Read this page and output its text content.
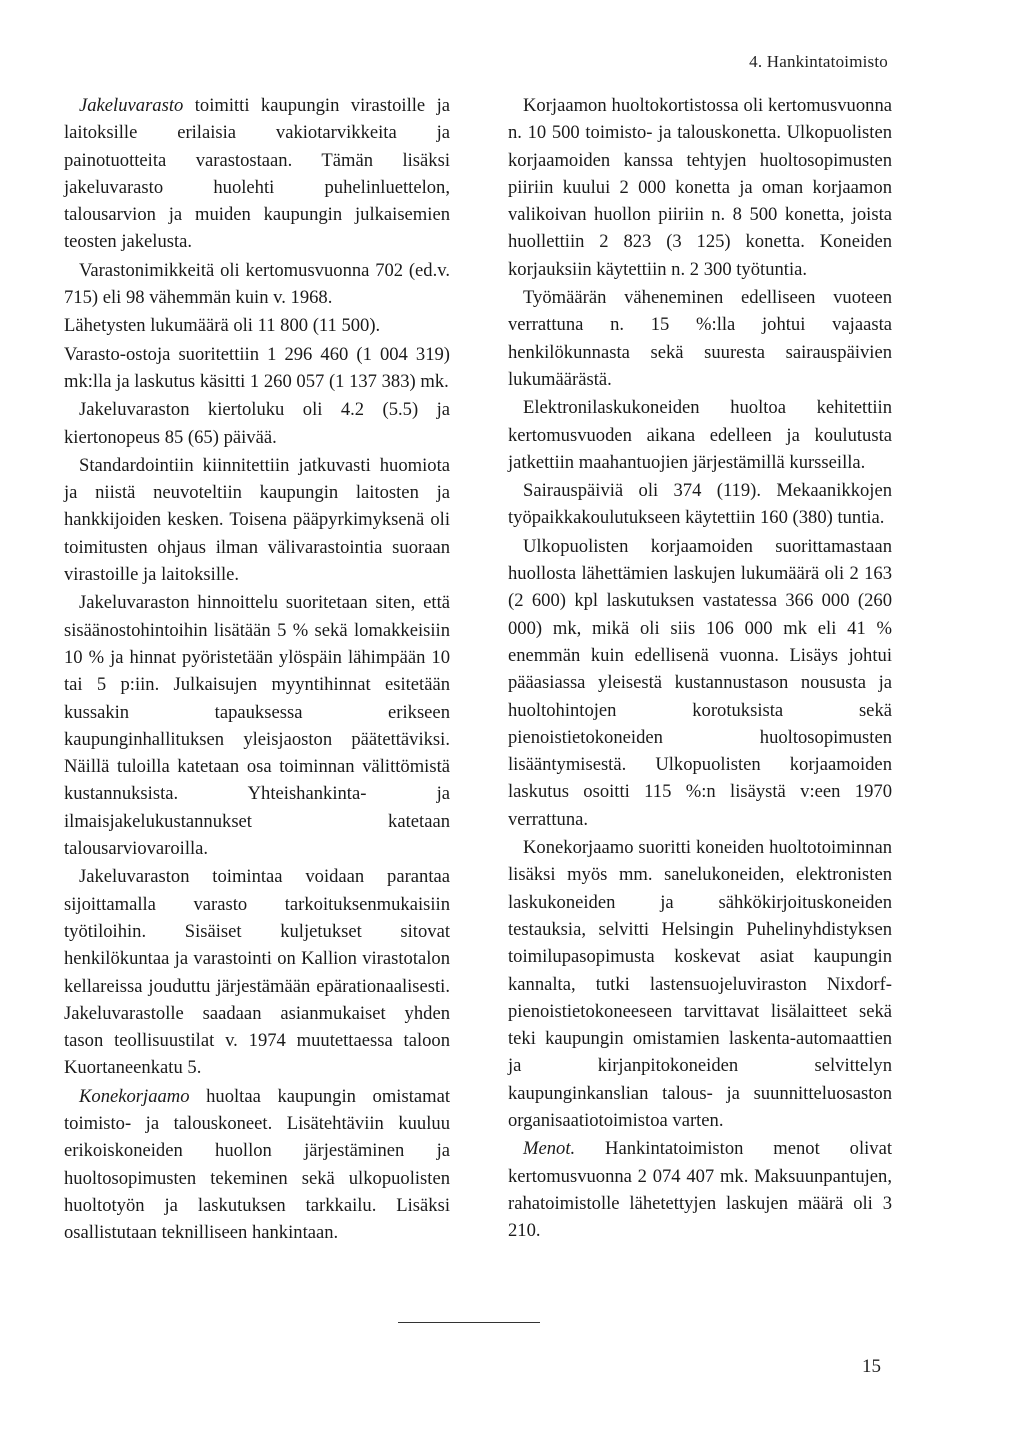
4. Hankintatoimisto

Jakeluvarasto toimitti kaupungin virastoille ja laitoksille erilaisia vakiotarvikkeita ja painotuotteita varastostaan. Tämän lisäksi jakeluvarasto huolehti puhelinluettelon, talousarvion ja muiden kaupungin julkaisemien teosten jakelusta.

Varastonimikkeitä oli kertomusvuonna 702 (ed.v. 715) eli 98 vähemmän kuin v. 1968.

Lähetysten lukumäärä oli 11 800 (11 500).

Varasto-ostoja suoritettiin 1 296 460 (1 004 319) mk:lla ja laskutus käsitti 1 260 057 (1 137 383) mk.

Jakeluvaraston kiertoluku oli 4.2 (5.5) ja kiertonopeus 85 (65) päivää.

Standardointiin kiinnitettiin jatkuvasti huomiota ja niistä neuvoteltiin kaupungin laitosten ja hankkijoiden kesken. Toisena pääpyrkimyksenä oli toimitusten ohjaus ilman välivarastointia suoraan virastoille ja laitoksille.

Jakeluvaraston hinnoittelu suoritetaan siten, että sisäänostohintoihin lisätään 5 % sekä lomakkeisiin 10 % ja hinnat pyöristetään ylöspäin lähimpään 10 tai 5 p:iin. Julkaisujen myyntihinnat esitetään kussakin tapauksessa erikseen kaupunginhallituksen yleisjaoston päätettäviksi. Näillä tuloilla katetaan osa toiminnan välittömistä kustannuksista. Yhteishankinta- ja ilmaisjakelukustannukset katetaan talousarviovaroilla.

Jakeluvaraston toimintaa voidaan parantaa sijoittamalla varasto tarkoituksenmukaisiin työtiloihin. Sisäiset kuljetukset sitovat henkilökuntaa ja varastointi on Kallion virastotalon kellareissa jouduttu järjestämään epärationaalisesti. Jakeluvarastolle saadaan asianmukaiset yhden tason teollisuustilat v. 1974 muutettaessa taloon Kuortaneenkatu 5.

Konekorjaamo huoltaa kaupungin omistamat toimisto- ja talouskoneet. Lisätehtäviin kuuluu erikoiskoneiden huollon järjestäminen ja huoltosopimusten tekeminen sekä ulkopuolisten huoltotyön ja laskutuksen tarkkailu. Lisäksi osallistutaan teknilliseen hankintaan.

Korjaamon huoltokortistossa oli kertomusvuonna n. 10 500 toimisto- ja talouskonetta. Ulkopuolisten korjaamoiden kanssa tehtyjen huoltosopimusten piiriin kuului 2 000 konetta ja oman korjaamon valikoivan huollon piiriin n. 8 500 konetta, joista huollettiin 2 823 (3 125) konetta. Koneiden korjauksiin käytettiin n. 2 300 työtuntia.

Työmäärän väheneminen edelliseen vuoteen verrattuna n. 15 %:lla johtui vajaasta henkilökunnasta sekä suuresta sairauspäivien lukumäärästä.

Elektronilaskukoneiden huoltoa kehitettiin kertomusvuoden aikana edelleen ja koulutusta jatkettiin maahantuojien järjestämillä kursseilla.

Sairauspäiviä oli 374 (119). Mekaanikkojen työpaikkakoulutukseen käytettiin 160 (380) tuntia.

Ulkopuolisten korjaamoiden suorittamastaan huollosta lähettämien laskujen lukumäärä oli 2 163 (2 600) kpl laskutuksen vastatessa 366 000 (260 000) mk, mikä oli siis 106 000 mk eli 41 % enemmän kuin edellisenä vuonna. Lisäys johtui pääasiassa yleisestä kustannustason noususta ja huoltohintojen korotuksista sekä pienoistietokoneiden huoltosopimusten lisääntymisestä. Ulkopuolisten korjaamoiden laskutus osoitti 115 %:n lisäystä v:een 1970 verrattuna.

Konekorjaamo suoritti koneiden huoltotoiminnan lisäksi myös mm. sanelukoneiden, elektronisten laskukoneiden ja sähkökirjoituskoneiden testauksia, selvitti Helsingin Puhelinyhdistyksen toimilupasopimusta koskevat asiat kaupungin kannalta, tutki lastensuojeluviraston Nixdorf-pienoistietokoneeseen tarvittavat lisälaitteet sekä teki kaupungin omistamien laskenta-automaattien ja kirjanpitokoneiden selvittelyn kaupunginkanslian talous- ja suunnitteluosaston organisaatiotoimistoa varten.

Menot. Hankintatoimiston menot olivat kertomusvuonna 2 074 407 mk. Maksuunpantujen, rahatoimistolle lähetettyjen laskujen määrä oli 3 210.

15
